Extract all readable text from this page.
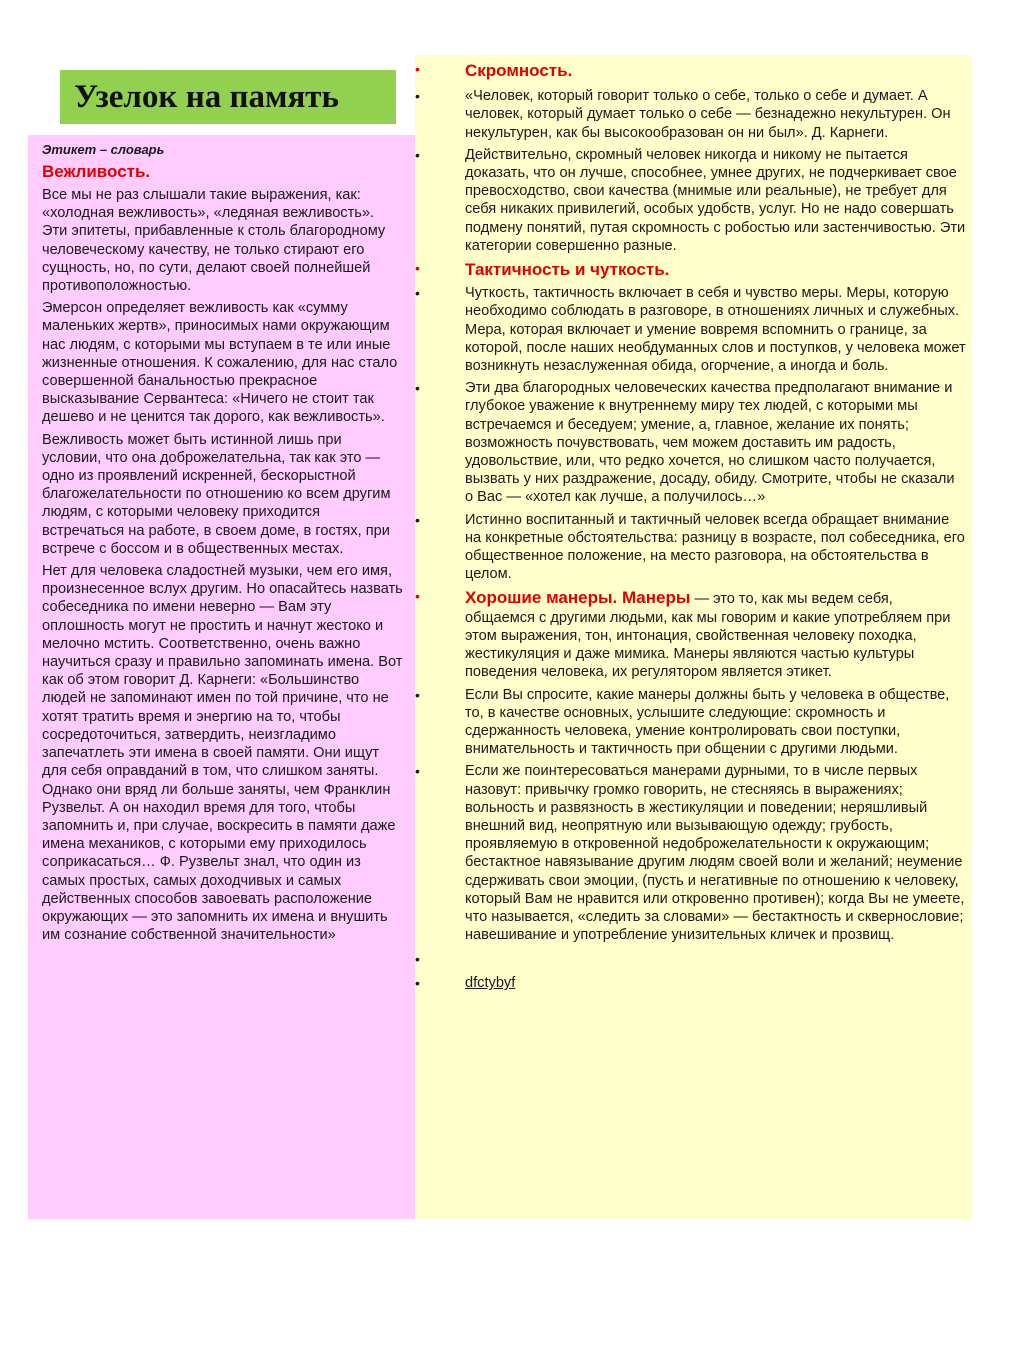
Узелок на память
Этикет – словарь
Вежливость.

Все мы не раз слышали такие выражения, как: «холодная вежливость», «ледяная вежливость». Эти эпитеты, прибавленные к столь благородному человеческому качеству, не только стирают его сущность, но, по сути, делают своей полнейшей противоположностью.

Эмерсон определяет вежливость как «сумму маленьких жертв», приносимых нами окружающим нас людям, с которыми мы вступаем в те или иные жизненные отношения. К сожалению, для нас стало совершенной банальностью прекрасное высказывание Сервантеса: «Ничего не стоит так дешево и не ценится так дорого, как вежливость».

Вежливость может быть истинной лишь при условии, что она доброжелательна, так как это — одно из проявлений искренней, бескорыстной благожелательности по отношению ко всем другим людям, с которыми человеку приходится встречаться на работе, в своем доме, в гостях, при встрече с боссом и в общественных местах.

Нет для человека сладостней музыки, чем его имя, произнесенное вслух другим. Но опасайтесь назвать собеседника по имени неверно — Вам эту оплошность могут не простить и начнут жестоко и мелочно мстить. Соответственно, очень важно научиться сразу и правильно запоминать имена. Вот как об этом говорит Д. Карнеги: «Большинство людей не запоминают имен по той причине, что не хотят тратить время и энергию на то, чтобы сосредоточиться, затвердить, неизгладимо запечатлеть эти имена в своей памяти. Они ищут для себя оправданий в том, что слишком заняты. Однако они вряд ли больше заняты, чем Франклин Рузвельт. А он находил время для того, чтобы запомнить и, при случае, воскресить в памяти даже имена механиков, с которыми ему приходилось соприкасаться… Ф. Рузвельт знал, что один из самых простых, самых доходчивых и самых действенных способов завоевать расположение окружающих — это запомнить их имена и внушить им сознание собственной значительности»

•	Скромность.
•	«Человек, который говорит только о себе, только о себе и думает. А человек, который думает только о себе — безнадежно некультурен. Он некультурен, как бы высокообразован он ни был». Д. Карнеги.
•	Действительно, скромный человек никогда и никому не пытается доказать, что он лучше, способнее, умнее других, не подчеркивает свое превосходство, свои качества (мнимые или реальные), не требует для себя никаких привилегий, особых удобств, услуг. Но не надо совершать подмену понятий, путая скромность с робостью или застенчивостью. Эти категории совершенно разные.
•	Тактичность и чуткость.
•	Чуткость, тактичность включает в себя и чувство меры. Меры, которую необходимо соблюдать в разговоре, в отношениях личных и служебных. Мера, которая включает и умение вовремя вспомнить о границе, за которой, после наших необдуманных слов и поступков, у человека может возникнуть незаслуженная обида, огорчение, а иногда и боль.
•	Эти два благородных человеческих качества предполагают внимание и глубокое уважение к внутреннему миру тех людей, с которыми мы встречаемся и беседуем; умение, а, главное, желание их понять; возможность почувствовать, чем можем доставить им радость, удовольствие, или, что редко хочется, но слишком часто получается, вызвать у них раздражение, досаду, обиду. Смотрите, чтобы не сказали о Вас — «хотел как лучше, а получилось…»
•	Истинно воспитанный и тактичный человек всегда обращает внимание на конкретные обстоятельства: разницу в возрасте, пол собеседника, его общественное положение, на место разговора, на обстоятельства в целом.
•	Хорошие манеры. Манеры — это то, как мы ведем себя, общаемся с другими людьми, как мы говорим и какие употребляем при этом выражения, тон, интонация, свойственная человеку походка, жестикуляция и даже мимика. Манеры являются частью культуры поведения человека, их регулятором является этикет.
•	Если Вы спросите, какие манеры должны быть у человека в обществе, то, в качестве основных, услышите следующие: скромность и сдержанность человека, умение контролировать свои поступки, внимательность и тактичность при общении с другими людьми.
•	Если же поинтересоваться манерами дурными, то в числе первых назовут: привычку громко говорить, не стесняясь в выражениях; вольность и развязность в жестикуляции и поведении; неряшливый внешний вид, неопрятную или вызывающую одежду; грубость, проявляемую в откровенной недоброжелательности к окружающим; бестактное навязывание другим людям своей воли и желаний; неумение сдерживать свои эмоции, (пусть и негативные по отношению к человеку, который Вам не нравится или откровенно противен); когда Вы не умеете, что называется, «следить за словами» — бестактность и сквернословие; навешивание и употребление унизительных кличек и прозвищ.
•
•	dfctybyf
